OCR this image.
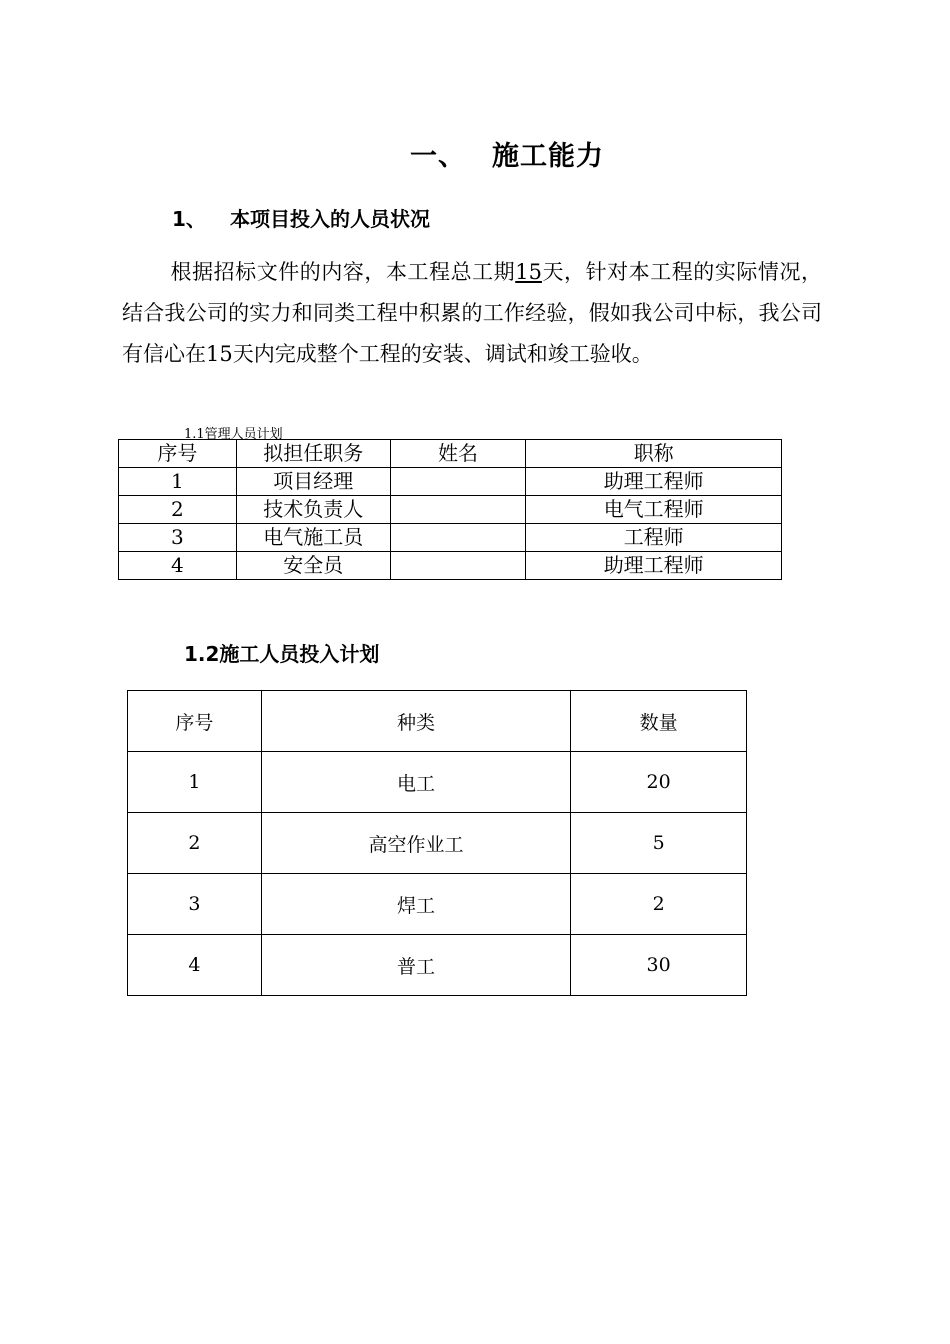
一、 施工能力
1、 本项目投入的人员状况
根据招标文件的内容，本工程总工期15天，针对本工程的实际情况，结合我公司的实力和同类工程中积累的工作经验，假如我公司中标，我公司有信心在15天内完成整个工程的安装、调试和竣工验收。
1.1管理人员计划
序号	拟担任职务	姓名	职称
1	项目经理		助理工程师
2	技术负责人		电气工程师
3	电气施工员		工程师
4	安全员		助理工程师
1.2施工人员投入计划
序号	种类	数量
1	电工	20
2	高空作业工	5
3	焊工	2
4	普工	30
